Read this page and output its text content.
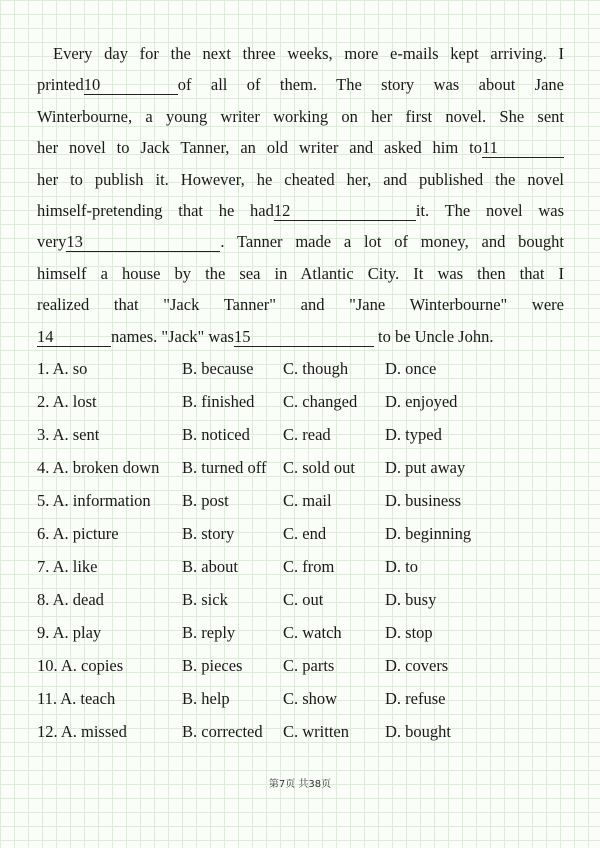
Every day for the next three weeks, more e-mails kept arriving. I
printed10	of all of them. The story was about Jane
Winterbourne, a young writer working on her first novel. She sent
her novel to Jack Tanner, an old writer and asked him to11
her to publish it. However, he cheated her, and published the novel
himself-pretending that he had12	it. The novel was
very13	. Tanner made a lot of money, and bought
himself a house by the sea in Atlantic City. It was then that I
realized that "Jack Tanner" and "Jane Winterbourne" were
14	names. "Jack" was15	to be Uncle John.
1. A. so	B. because	C. though	D. once
2. A. lost	B. finished	C. changed	D. enjoyed
3. A. sent	B. noticed	C. read	D. typed
4. A. broken down	B. turned off	C. sold out	D. put away
5. A. information	B. post	C. mail	D. business
6. A. picture	B. story	C. end	D. beginning
7. A. like	B. about	C. from	D. to
8. A. dead	B. sick	C. out	D. busy
9. A. play	B. reply	C. watch	D. stop
10. A. copies	B. pieces	C. parts	D. covers
11. A. teach	B. help	C. show	D. refuse
12. A. missed	B. corrected	C. written	D. bought
第7页 共38页
